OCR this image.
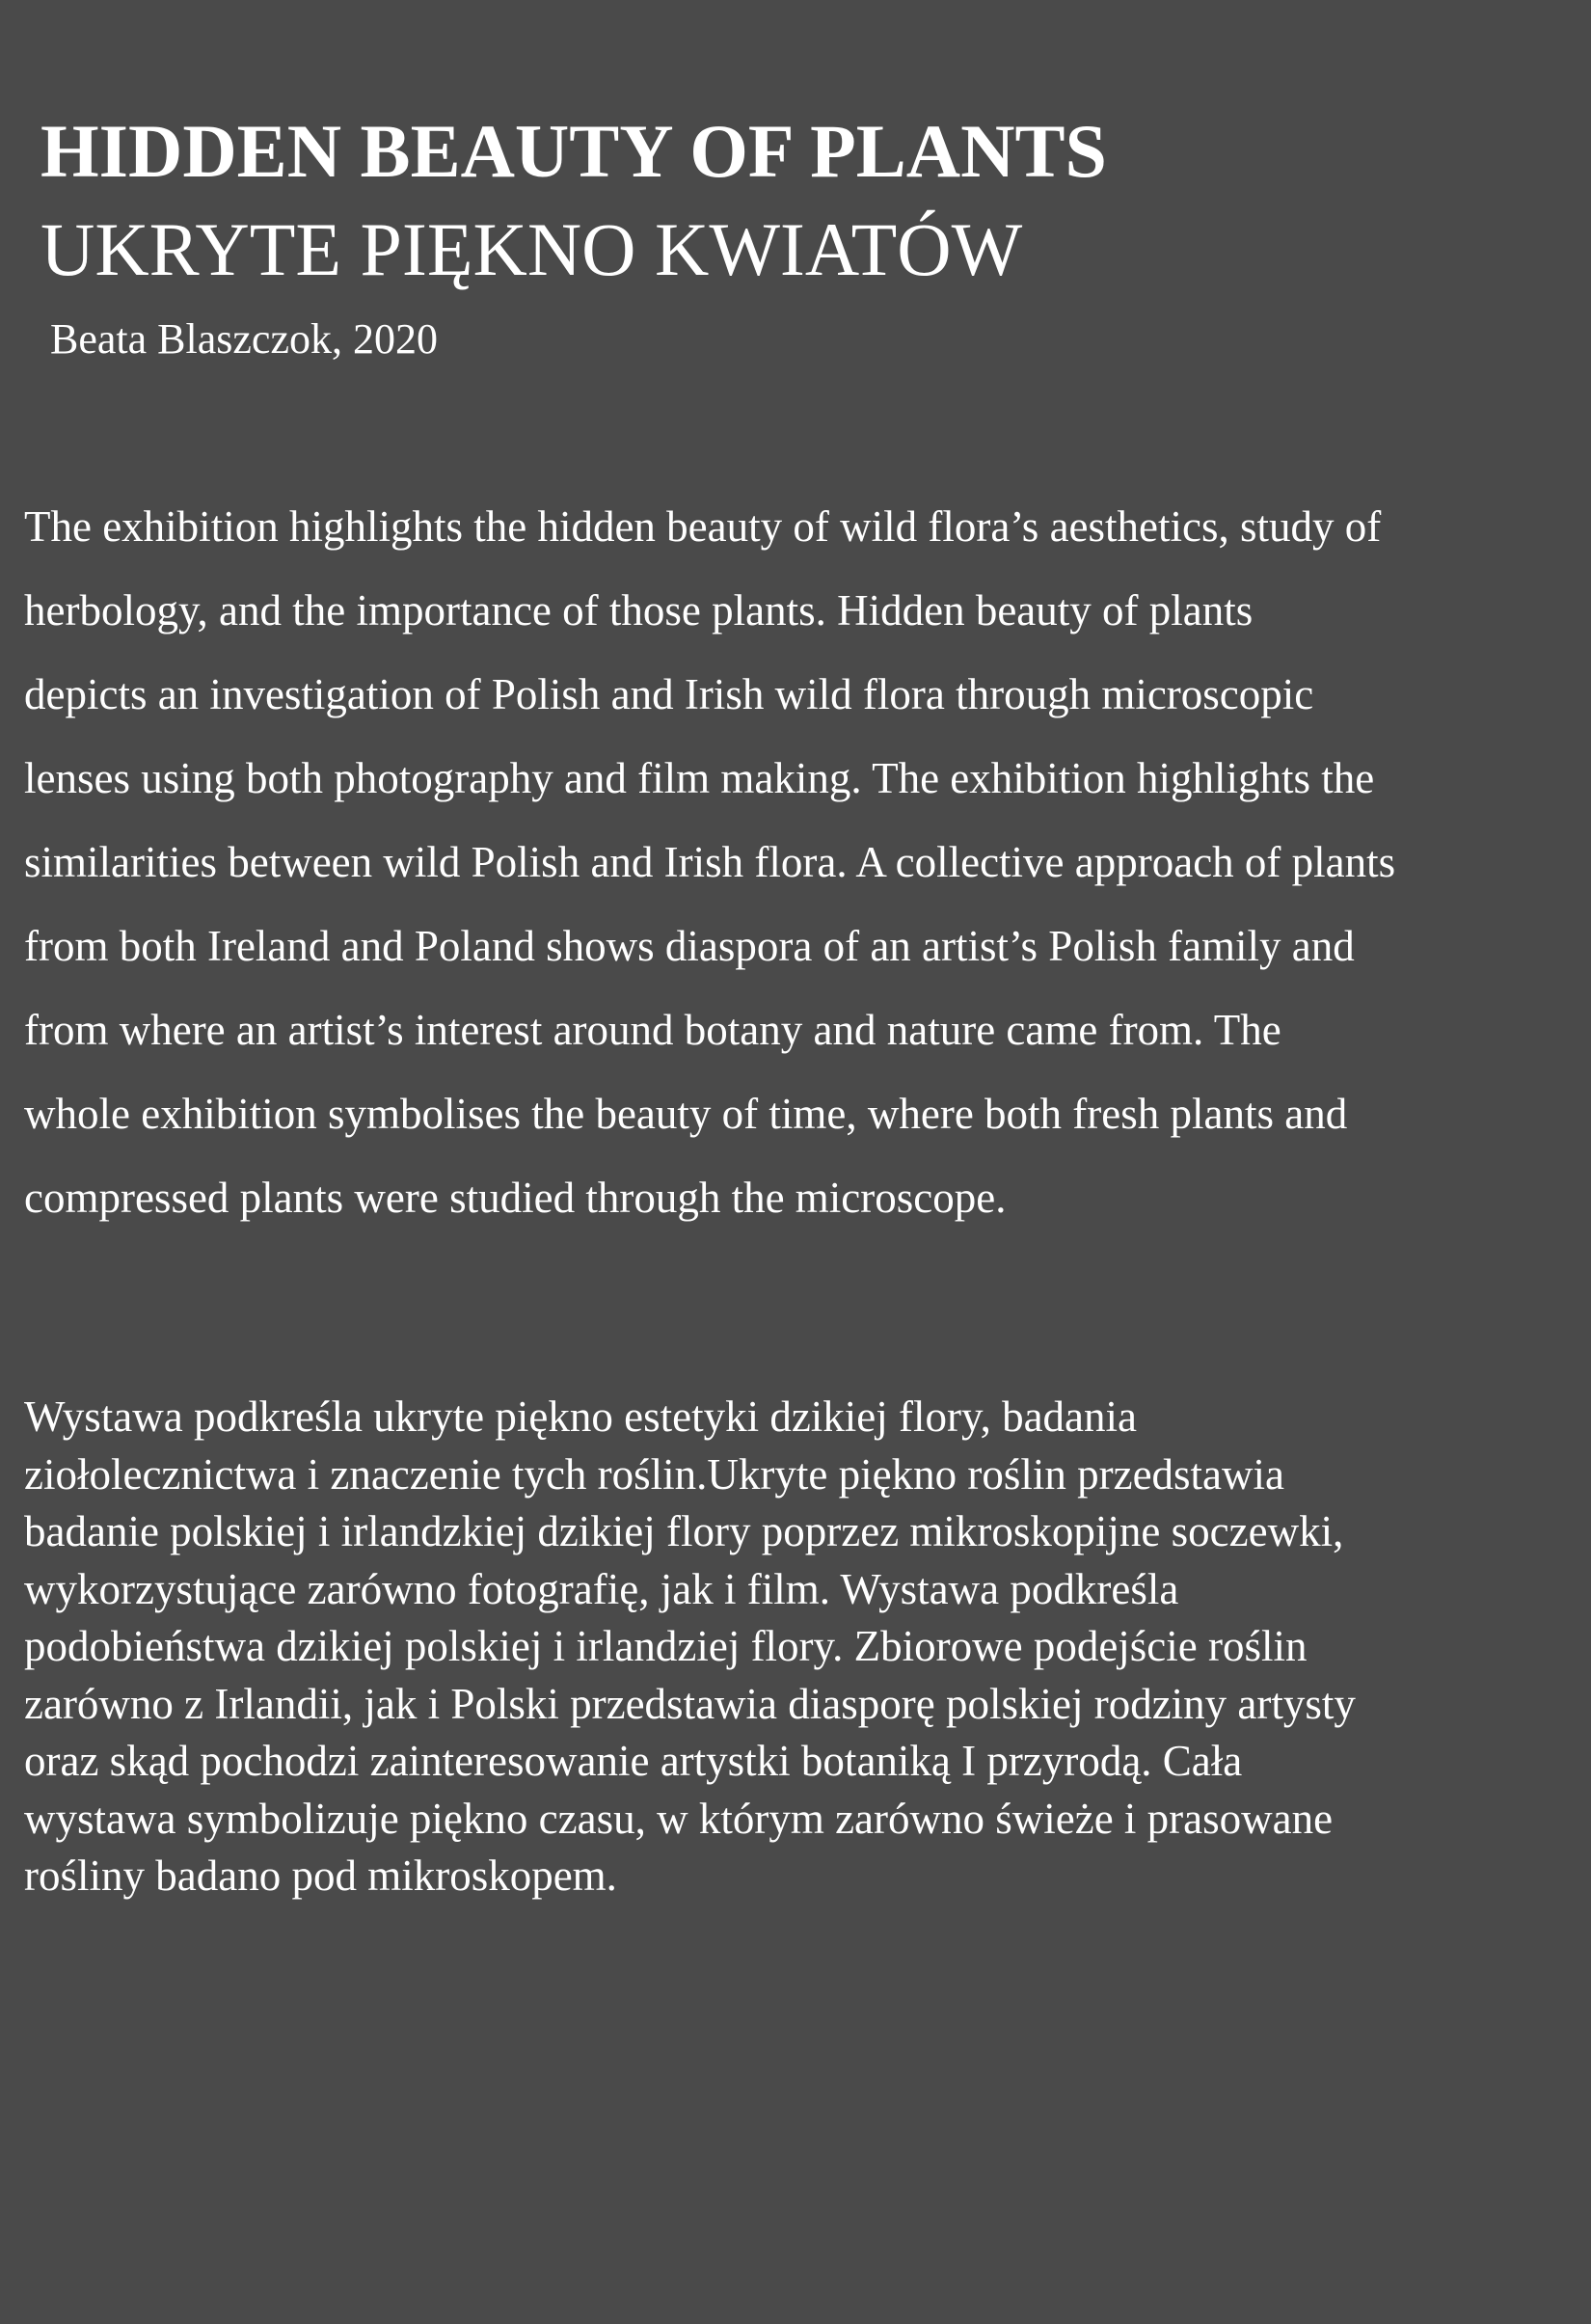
HIDDEN BEAUTY OF PLANTS
UKRYTE PIĘKNO KWIATÓW

Beata Blaszczok, 2020

The exhibition highlights the hidden beauty of wild flora’s aesthetics, study of
herbology, and the importance of those plants. Hidden beauty of plants
depicts an investigation of Polish and Irish wild flora through microscopic
lenses using both photography and film making. The exhibition highlights the
similarities between wild Polish and Irish flora. A collective approach of plants
from both Ireland and Poland shows diaspora of an artist’s Polish family and
from where an artist’s interest around botany and nature came from. The
whole exhibition symbolises the beauty of time, where both fresh plants and
compressed plants were studied through the microscope.

Wystawa podkreśla ukryte piękno estetyki dzikiej flory, badania
ziołolecznictwa i znaczenie tych roślin.Ukryte piękno roślin przedstawia
badanie polskiej i irlandzkiej dzikiej flory poprzez mikroskopijne soczewki,
wykorzystujące zarówno fotografię, jak i film. Wystawa podkreśla
podobieństwa dzikiej polskiej i irlandziej flory. Zbiorowe podejście roślin
zarówno z Irlandii, jak i Polski przedstawia diasporę polskiej rodziny artysty
oraz skąd pochodzi zainteresowanie artystki botaniką I przyrodą. Cała
wystawa symbolizuje piękno czasu, w którym zarówno świeże i prasowane
rośliny badano pod mikroskopem.
